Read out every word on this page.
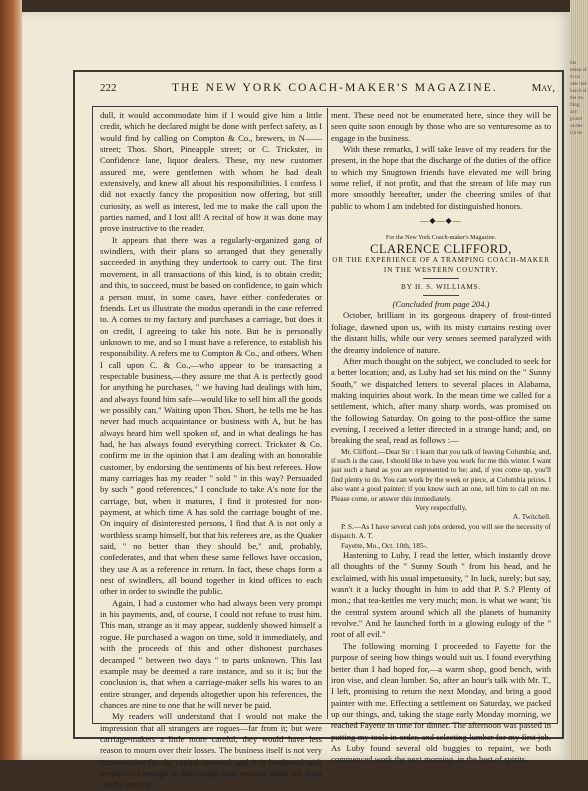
the tation of to no oles ther lunch of the rm. lling; any jected on the ich he
222	THE NEW YORK COACH-MAKER'S MAGAZINE.	May,

dull, it would accommodate him if I would give him a little credit, which he declared might be done with perfect safety, as I would find by calling on Compton & Co., brewers, in N—— street; Thos. Short, Pineapple street; or C. Trickster, in Confidence lane, liquor dealers. These, my new customer assured me, were gentlemen with whom he had dealt extensively, and knew all about his responsibilities. I confess I did not exactly fancy the proposition now offering, but still curiosity, as well as interest, led me to make the call upon the parties named, and I lost all! A recital of how it was done may prove instructive to the reader.

It appears that there was a regularly-organized gang of swindlers, with their plans so arranged that they generally succeeded in anything they undertook to carry out. The first movement, in all transactions of this kind, is to obtain credit; and this, to succeed, must be based on confidence, to gain which a person must, in some cases, have either confederates or friends. Let us illustrate the modus operandi in the case referred to. A comes to my factory and purchases a carriage, but does it on credit, I agreeing to take his note. But he is personally unknown to me, and so I must have a reference, to establish his responsibility. A refers me to Compton & Co., and others. When I call upon C. & Co.,—who appear to be transacting a respectable business,—they assure me that A is perfectly good for anything he purchases, " we having had dealings with him, and always found him safe—would like to sell him all the goods we possibly can." Waiting upon Thos. Short, he tells me he has never had much acquaintance or business with A, but he has always heard him well spoken of, and in what dealings he has had, he has always found everything correct. Trickster & Co. confirm me in the opinion that I am dealing with an honorable customer, by endorsing the sentiments of his best referees. How many carriages has my reader " sold " in this way? Persuaded by such " good references," I conclude to take A's note for the carriage, but, when it matures, I find it protested for non-payment, at which time A has sold the carriage bought of me. On inquiry of disinterested persons, I find that A is not only a worthless scamp himself, but that his referees are, as the Quaker said, " no better than they should be," and, probably, confederates, and that when these same fellows have occasion, they use A as a reference in return. In fact, these chaps form a nest of swindlers, all bound together in kind offices to each other in order to swindle the public.

Again, I had a customer who had always been very prompt in his payments, and, of course, I could not refuse to trust him. This man, strange as it may appear, suddenly showed himself a rogue. He purchased a wagon on time, sold it immediately, and with the proceeds of this and other dishonest purchases decamped " between two days " to parts unknown. This last example may be deemed a rare instance, and so it is; but the conclusion is, that when a carriage-maker sells his wares to an entire stranger, and depends altogether upon his references, the chances are nine to one that he will never be paid.

My readers will understand that I would not make the impression that all strangers are rogues—far from it; but were carriage-makers a little more careful, they would have less reason to mourn over their losses. The business itself is not very remunerative for the capital invested, and it is burthened with perplexities enough to discourage most persons under the most careful manage-

ment. These need not be enumerated here, since they will be seen quite soon enough by those who are so venturesome as to engage in the business.

With these remarks, I will take leave of my readers for the present, in the hope that the discharge of the duties of the office to which my Snugtown friends have elevated me will bring some relief, if not profit, and that the stream of life may run more smoothly hereafter, under the cheering smiles of that public to whom I am indebted for distinguished honors.

—◆—◆—

For the New York Coach-maker's Magazine.

CLARENCE CLIFFORD,

OR THE EXPERIENCE OF A TRAMPING COACH-MAKER IN THE WESTERN COUNTRY.

BY H. S. WILLIAMS.

(Concluded from page 204.)

October, brilliant in its gorgeous drapery of frost-tinted foliage, dawned upon us, with its misty curtains resting over the distant hills, while our very senses seemed paralyzed with the dreamy indolence of nature.

After much thought on the subject, we concluded to seek for a better location; and, as Luby had set his mind on the " Sunny South," we dispatched letters to several places in Alabama, making inquiries about work. In the mean time we called for a settlement, which, after many sharp words, was promised on the following Saturday. On going to the post-office the same evening, I received a letter directed in a strange hand; and, on breaking the seal, read as follows :—

Mr. Clifford.—Dear Sir : I learn that you talk of leaving Columbia; and, if such is the case, I should like to have you work for me this winter. I want just such a hand as you are represented to be; and, if you come up, you'll find plenty to do. You can work by the week or piece, at Columbia prices. I also want a good painter; if you know such an one, tell him to call on me. Please come, or answer this immediately.

Very respectfully,

A. Twitchell.

P. S.—As I have several cash jobs ordered, you will see the necessity of dispatch. A. T.

Fayette, Mo., Oct. 10th, 185-.

Hastening to Luby, I read the letter, which instantly drove all thoughts of the " Sunny South " from his head, and he exclaimed, with his usual impetuosity, " In luck, surely; but say, wasn't it a lucky thought in him to add that P. S.? Plenty of mon.; that tea-kettles me very much; mon. is what we want; 'tis the central system around which all the planets of humanity revolve." And he launched forth in a glowing eulogy of the " root of all evil."

The following morning I proceeded to Fayette for the purpose of seeing how things would suit us. I found everything better than I had hoped for,—a warm shop, good bench, with iron vise, and clean lumber. So, after an hour's talk with Mr. T., I left, promising to return the next Monday, and bring a good painter with me. Effecting a settlement on Saturday, we packed up our things, and, taking the stage early Monday morning, we reached Fayette in time for dinner. The afternoon was passed in putting my tools in order, and selecting lumber for my first job. As Luby found several old buggies to repaint, we both commenced work the next morning, in the best of spirits.
